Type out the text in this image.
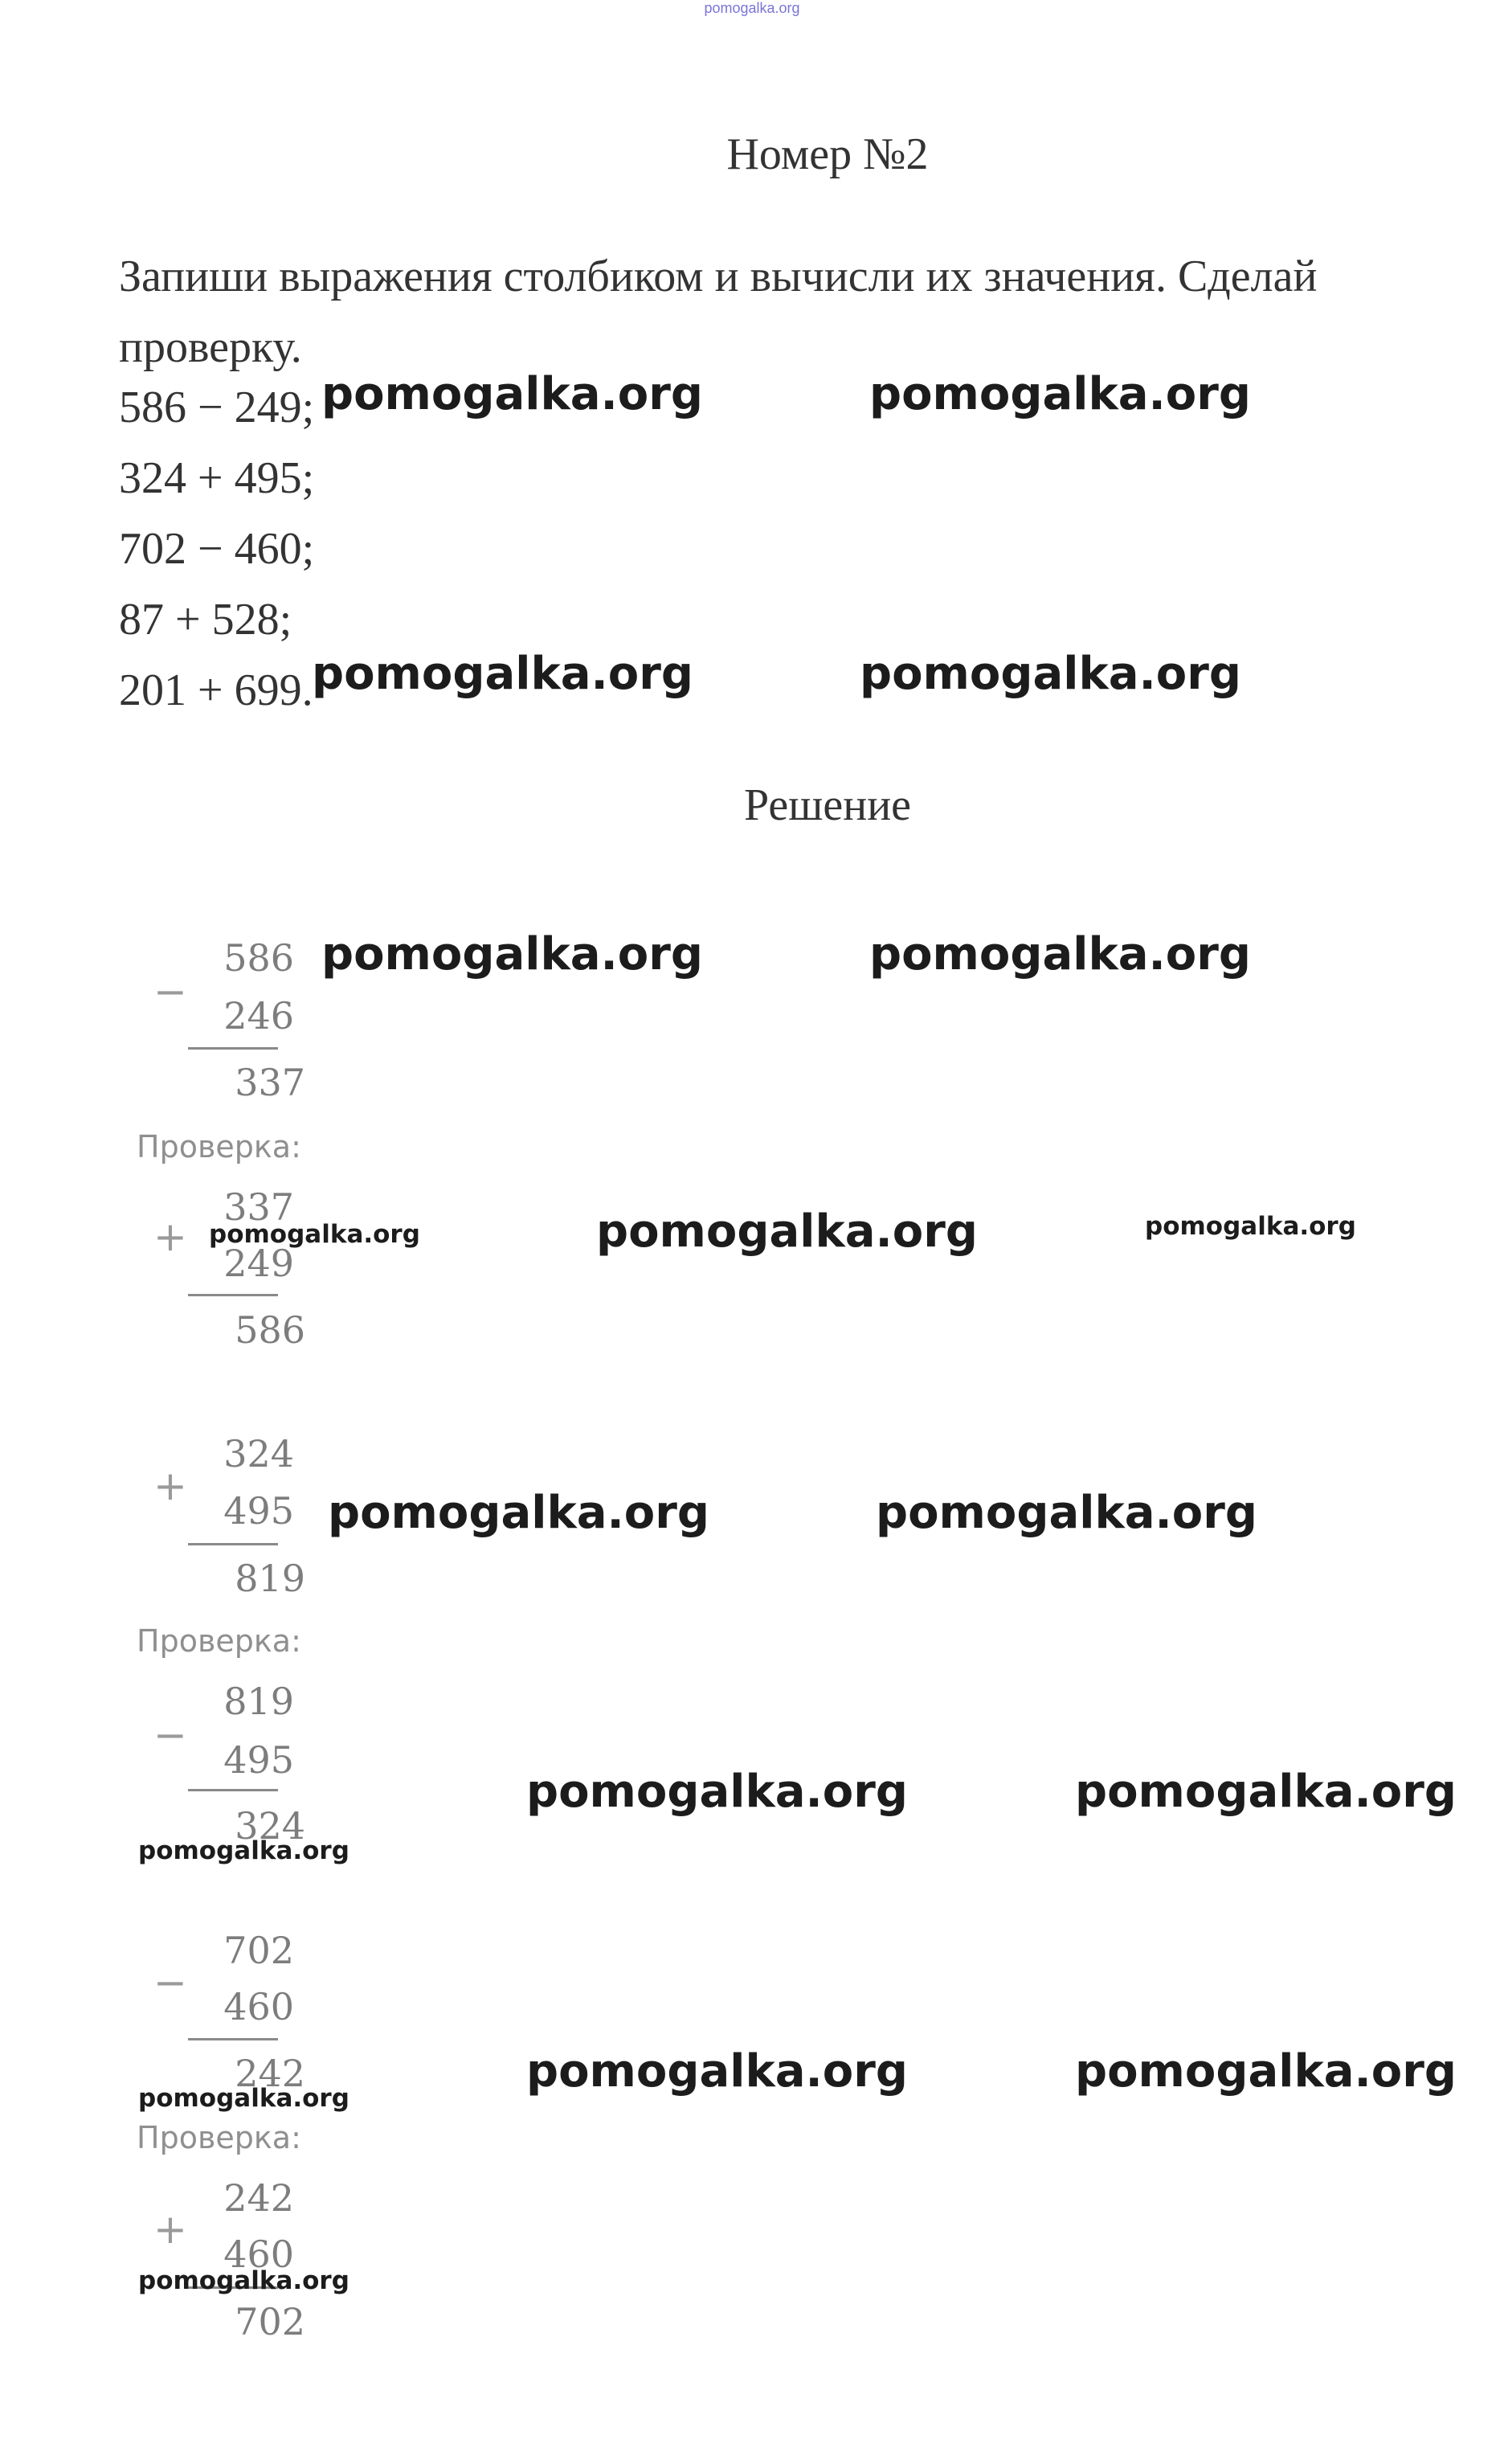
pomogalka.org
Номер №2
Запиши выражения столбиком и вычисли их значения. Сделай проверку.
586 − 249;
324 + 495;
702 − 460;
87 + 528;
201 + 699.
Решение
−
586
246
337
Проверка:
+
337
249
586
+
324
495
819
Проверка:
−
819
495
324
−
702
460
242
Проверка:
+
242
460
702
pomogalka.org	pomogalka.org
pomogalka.org	pomogalka.org
pomogalka.org	pomogalka.org
pomogalka.org	pomogalka.org	pomogalka.org
pomogalka.org	pomogalka.org
pomogalka.org	pomogalka.org
pomogalka.org
pomogalka.org	pomogalka.org
pomogalka.org
pomogalka.org
